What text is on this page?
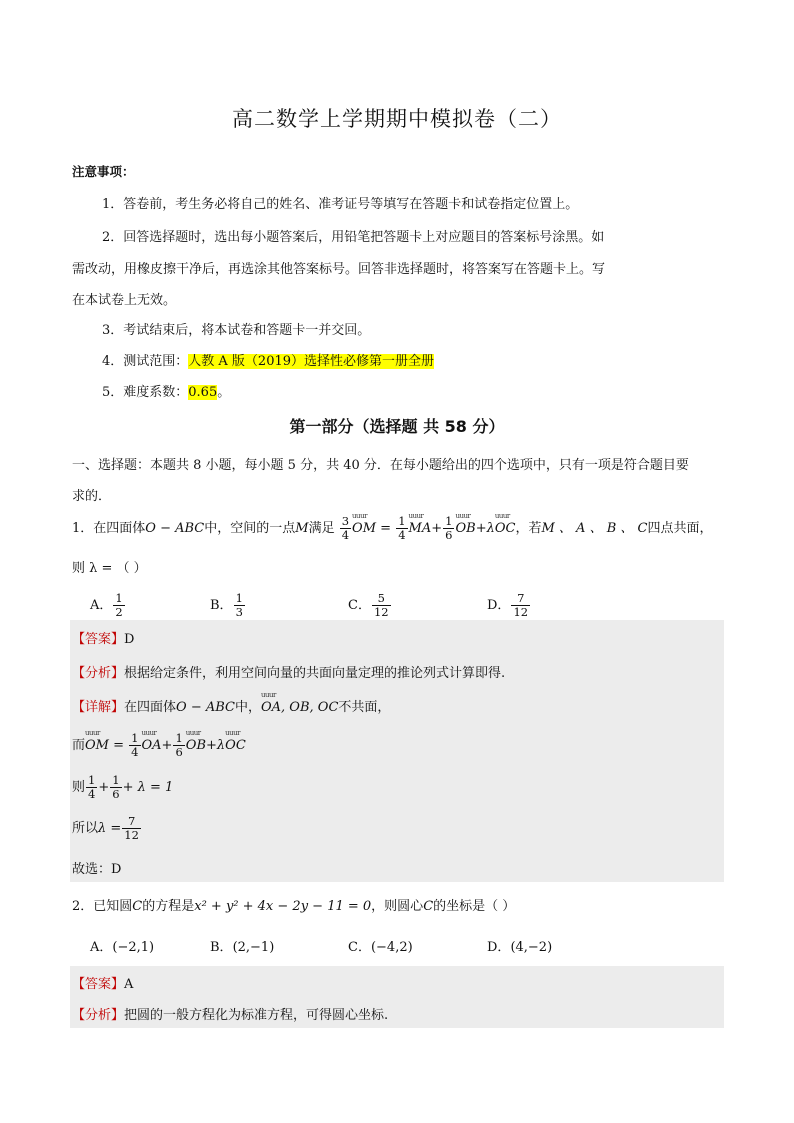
高二数学上学期期中模拟卷（二）
注意事项：
1．答卷前，考生务必将自己的姓名、准考证号等填写在答题卡和试卷指定位置上。
2．回答选择题时，选出每小题答案后，用铅笔把答题卡上对应题目的答案标号涂黑。如
需改动，用橡皮擦干净后，再选涂其他答案标号。回答非选择题时，将答案写在答题卡上。写
在本试卷上无效。
3．考试结束后，将本试卷和答题卡一并交回。
4．测试范围：人教 A 版（2019）选择性必修第一册全册
5．难度系数：0.65。
第一部分（选择题 共 58 分）
一、选择题：本题共 8 小题，每小题 5 分，共 40 分．在每小题给出的四个选项中，只有一项是符合题目要
求的．
1．在四面体O − ABC中，空间的一点M满足 $\frac{3}{4}$ uuur OM = $\frac{1}{4}$ uuur $MA+ \frac{1}{6}$ uuur OB+λuuur OC，若M 、 A 、 B 、 C四点共面，
则 λ = （ ）
A． $\frac{1}{2}$	B． $\frac{1}{3}$	C． $\frac{5}{12}$	D． $\frac{7}{12}$
【答案】D
【分析】根据给定条件，利用空间向量的共面向量定理的推论列式计算即得.
【详解】在四面体O − ABC中，uuur OA, OB, OC不共面，
而uuur OM = $\frac{1}{4}$ uuur $OA+ \frac{1}{6}$ uuur OB+λuuur OC
则 $\frac{1}{4} + \frac{1}{6} + \lambda = 1$
所以$\lambda = \frac{7}{12}$
故选：D
2．已知圆C的方程是x² + y² + 4x − 2y − 11 = 0，则圆心C的坐标是（ ）
A．(−2,1)	B．(2,−1)	C．(−4,2)	D．(4,−2)
【答案】A
【分析】把圆的一般方程化为标准方程，可得圆心坐标.
